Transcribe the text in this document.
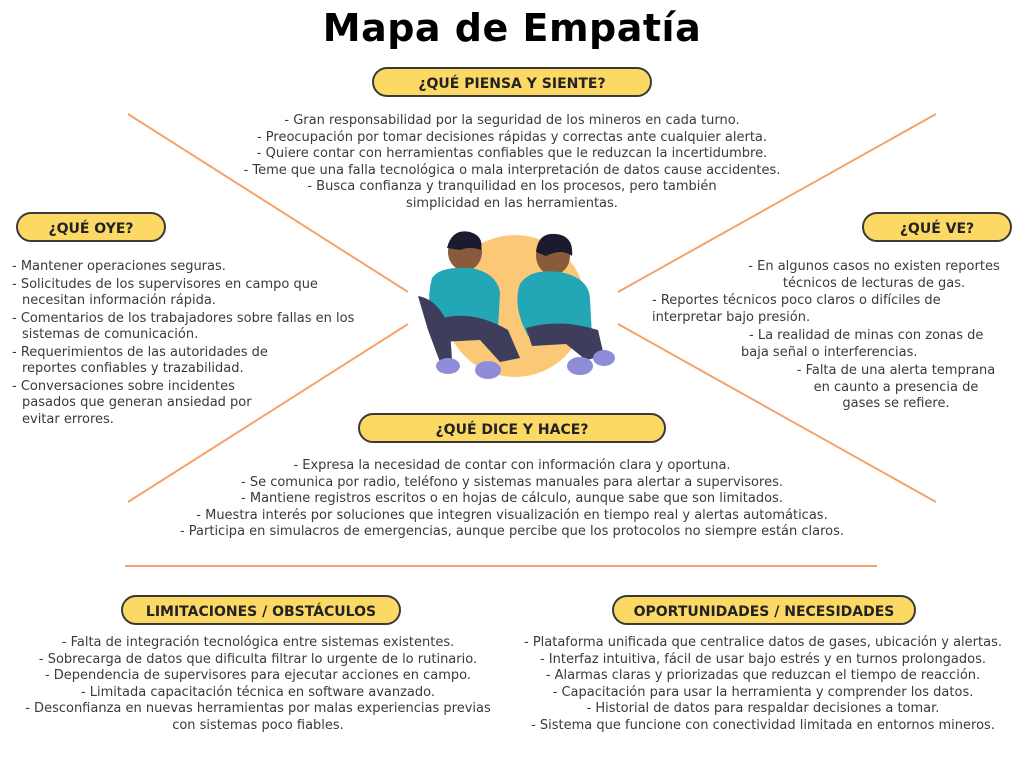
Mapa de Empatía
¿QUÉ PIENSA Y SIENTE?
- Gran responsabilidad por la seguridad de los mineros en cada turno.
- Preocupación por tomar decisiones rápidas y correctas ante cualquier alerta.
- Quiere contar con herramientas confiables que le reduzcan la incertidumbre.
- Teme que una falla tecnológica o mala interpretación de datos cause accidentes.
- Busca confianza y tranquilidad en los procesos, pero también
simplicidad en las herramientas.
¿QUÉ OYE?
- Mantener operaciones seguras.
- Solicitudes de los supervisores en campo que necesitan información rápida.
- Comentarios de los trabajadores sobre fallas en los sistemas de comunicación.
- Requerimientos de las autoridades de reportes confiables y trazabilidad.
- Conversaciones sobre incidentes pasados que generan ansiedad por evitar errores.
¿QUÉ VE?
- En algunos casos no existen reportes
técnicos de lecturas de gas.
- Reportes técnicos poco claros o difíciles de
interpretar bajo presión.
- La realidad de minas con zonas de
baja señal o interferencias.
- Falta de una alerta temprana
en caunto a presencia de
gases se refiere.
¿QUÉ DICE Y HACE?
- Expresa la necesidad de contar con información clara y oportuna.
- Se comunica por radio, teléfono y sistemas manuales para alertar a supervisores.
- Mantiene registros escritos o en hojas de cálculo, aunque sabe que son limitados.
- Muestra interés por soluciones que integren visualización en tiempo real y alertas automáticas.
- Participa en simulacros de emergencias, aunque percibe que los protocolos no siempre están claros.
LIMITACIONES / OBSTÁCULOS
- Falta de integración tecnológica entre sistemas existentes.
- Sobrecarga de datos que dificulta filtrar lo urgente de lo rutinario.
- Dependencia de supervisores para ejecutar acciones en campo.
- Limitada capacitación técnica en software avanzado.
- Desconfianza en nuevas herramientas por malas experiencias previas
con sistemas poco fiables.
OPORTUNIDADES / NECESIDADES
- Plataforma unificada que centralice datos de gases, ubicación y alertas.
- Interfaz intuitiva, fácil de usar bajo estrés y en turnos prolongados.
- Alarmas claras y priorizadas que reduzcan el tiempo de reacción.
- Capacitación para usar la herramienta y comprender los datos.
- Historial de datos para respaldar decisiones a tomar.
- Sistema que funcione con conectividad limitada en entornos mineros.
